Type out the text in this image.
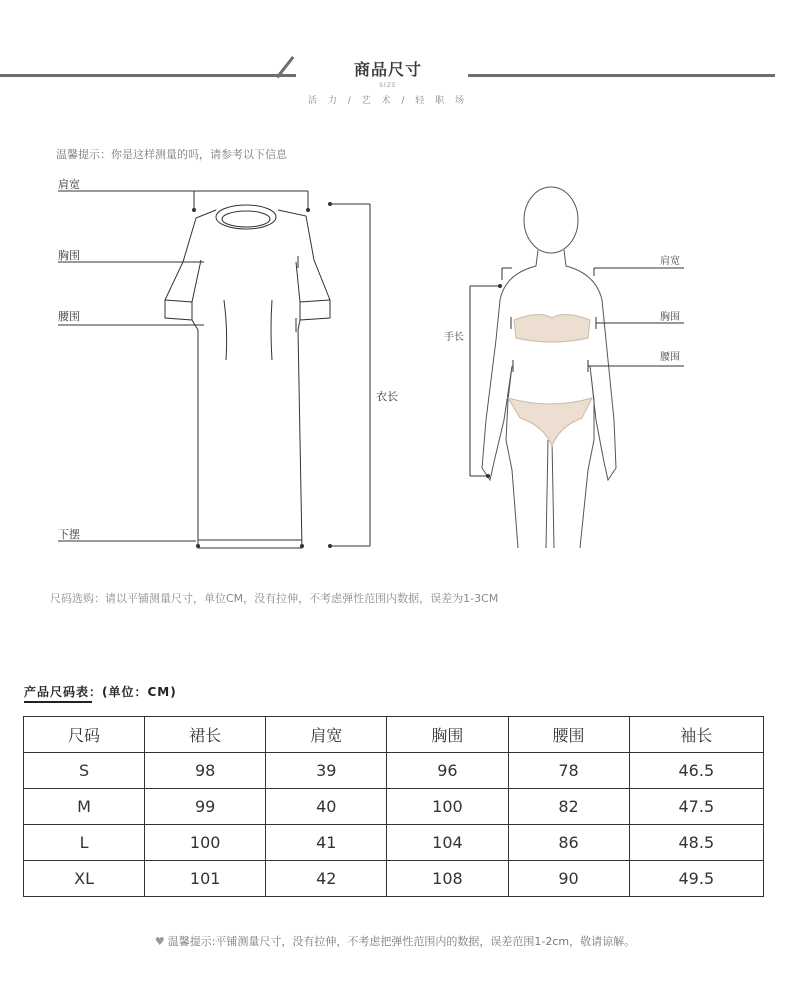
商品尺寸
SIZE
活 力 / 艺 术 / 轻 职 场
温馨提示：你是这样测量的吗，请参考以下信息
肩宽
胸围
腰围
衣长
下摆
肩宽
胸围
腰围
手长
尺码选购：请以平铺测量尺寸，单位CM，没有拉伸，不考虑弹性范围内数据，误差为1-3CM
产品尺码表：(单位：CM)
尺码	裙长	肩宽	胸围	腰围	袖长
S	98	39	96	78	46.5
M	99	40	100	82	47.5
L	100	41	104	86	48.5
XL	101	42	108	90	49.5
♥ 温馨提示:平铺测量尺寸，没有拉伸，不考虑把弹性范围内的数据，误差范围1-2cm，敬请谅解。
